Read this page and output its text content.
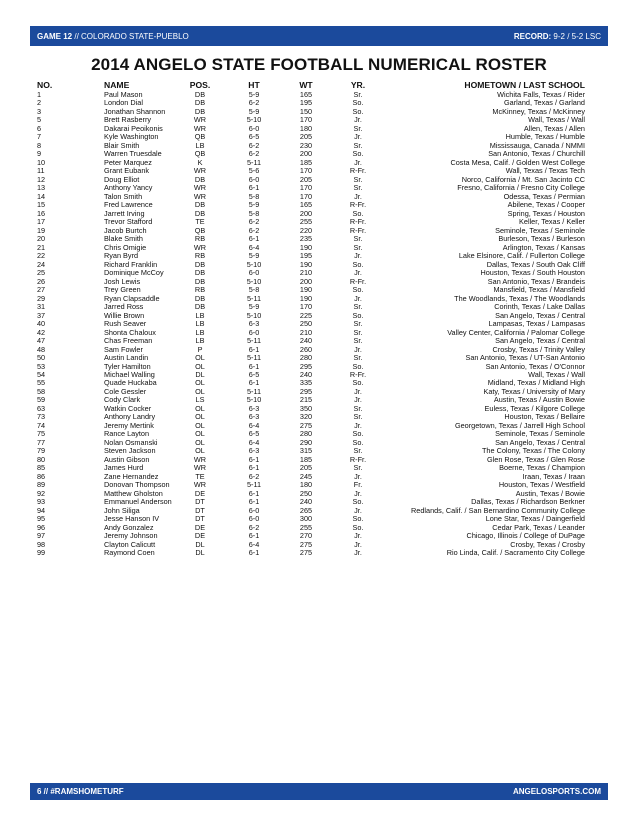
GAME 12 // COLORADO STATE-PUEBLO	RECORD: 9-2 / 5-2 LSC
2014 ANGELO STATE FOOTBALL NUMERICAL ROSTER
NO.	NAME	POS.	HT	WT	YR.	HOMETOWN / LAST SCHOOL
1	Paul Mason	DB	5-9	165	Sr.	Wichita Falls, Texas / Rider
2	London Dial	DB	6-2	195	So.	Garland, Texas / Garland
3	Jonathan Shannon	DB	5-9	150	So.	McKinney, Texas / McKinney
5	Brett Rasberry	WR	5-10	170	Jr.	Wall, Texas / Wall
6	Dakarai Peoikonis	WR	6-0	180	Sr.	Allen, Texas / Allen
7	Kyle Washington	QB	6-5	205	Jr.	Humble, Texas / Humble
8	Blair Smith	LB	6-2	230	Sr.	Mississauga, Canada / NMMI
9	Warren Truesdale	QB	6-2	200	So.	San Antonio, Texas / Churchill
10	Peter Marquez	K	5-11	185	Jr.	Costa Mesa, Calif. / Golden West College
11	Grant Eubank	WR	5-6	170	R-Fr.	Wall, Texas / Texas Tech
12	Doug Elliot	DB	6-0	205	Sr.	Norco, California / Mt. San Jacinto CC
13	Anthony Yancy	WR	6-1	170	Sr.	Fresno, California / Fresno City College
14	Talon Smith	WR	5-8	170	Jr.	Odessa, Texas / Permian
15	Fred Lawrence	DB	5-9	165	R-Fr.	Abilene, Texas / Cooper
16	Jarrett Irving	DB	5-8	200	So.	Spring, Texas / Houston
17	Trevor Stafford	TE	6-2	255	R-Fr.	Keller, Texas / Keller
19	Jacob Burtch	QB	6-2	220	R-Fr.	Seminole, Texas / Seminole
20	Blake Smith	RB	6-1	235	Sr.	Burleson, Texas / Burleson
21	Chris Omigie	WR	6-4	190	Sr.	Arlington, Texas / Kansas
22	Ryan Byrd	RB	5-9	195	Jr.	Lake Elsinore, Calif. / Fullerton College
24	Richard Franklin	DB	5-10	190	So.	Dallas, Texas / South Oak Cliff
25	Dominique McCoy	DB	6-0	210	Jr.	Houston, Texas / South Houston
26	Josh Lewis	DB	5-10	200	R-Fr.	San Antonio, Texas / Brandeis
27	Trey Green	RB	5-8	190	So.	Mansfield, Texas / Mansfield
29	Ryan Clapsaddle	DB	5-11	190	Jr.	The Woodlands, Texas / The Woodlands
31	Jarred Ross	DB	5-9	170	Sr.	Corinth, Texas / Lake Dallas
37	Willie Brown	LB	5-10	225	So.	San Angelo, Texas / Central
40	Rush Seaver	LB	6-3	250	Sr.	Lampasas, Texas / Lampasas
42	Shonta Chaloux	LB	6-0	210	Sr.	Valley Center, California / Palomar College
47	Chas Freeman	LB	5-11	240	Sr.	San Angelo, Texas / Central
48	Sam Fowler	P	6-1	260	Jr.	Crosby, Texas / Trinity Valley
50	Austin Landin	OL	5-11	280	Sr.	San Antonio, Texas / UT-San Antonio
53	Tyler Hamilton	OL	6-1	295	So.	San Antonio, Texas / O'Connor
54	Michael Walling	DL	6-5	240	R-Fr.	Wall, Texas / Wall
55	Quade Huckaba	OL	6-1	335	So.	Midland, Texas / Midland High
58	Cole Gessler	OL	5-11	295	Jr.	Katy, Texas / University of Mary
59	Cody Clark	LS	5-10	215	Jr.	Austin, Texas / Austin Bowie
63	Watkin Cocker	OL	6-3	350	Sr.	Euless, Texas / Kilgore College
73	Anthony Landry	OL	6-3	320	Sr.	Houston, Texas / Bellaire
74	Jeremy Mertink	OL	6-4	275	Jr.	Georgetown, Texas / Jarrell High School
75	Rance Layton	OL	6-5	280	So.	Seminole, Texas / Seminole
77	Nolan Osmanski	OL	6-4	290	So.	San Angelo, Texas / Central
79	Steven Jackson	OL	6-3	315	Sr.	The Colony, Texas / The Colony
80	Austin Gibson	WR	6-1	185	R-Fr.	Glen Rose, Texas / Glen Rose
85	James Hurd	WR	6-1	205	Sr.	Boerne, Texas / Champion
86	Zane Hernandez	TE	6-2	245	Jr.	Iraan, Texas / Iraan
89	Donovan Thompson	WR	5-11	180	Fr.	Houston, Texas / Westfield
92	Matthew Gholston	DE	6-1	250	Jr.	Austin, Texas / Bowie
93	Emmanuel Anderson	DT	6-1	240	So.	Dallas, Texas / Richardson Berkner
94	John Siliga	DT	6-0	265	Jr.	Redlands, Calif. / San Bernardino Community College
95	Jesse Hanson IV	DT	6-0	300	So.	Lone Star, Texas / Daingerfield
96	Andy Gonzalez	DE	6-2	255	So.	Cedar Park, Texas / Leander
97	Jeremy Johnson	DE	6-1	270	Jr.	Chicago, Illinois / College of DuPage
98	Clayton Calicutt	DL	6-4	275	Jr.	Crosby, Texas / Crosby
99	Raymond Coen	DL	6-1	275	Jr.	Rio Linda, Calif. / Sacramento City College
6 // #RAMSHOMETURF	ANGELOSPORTS.COM
